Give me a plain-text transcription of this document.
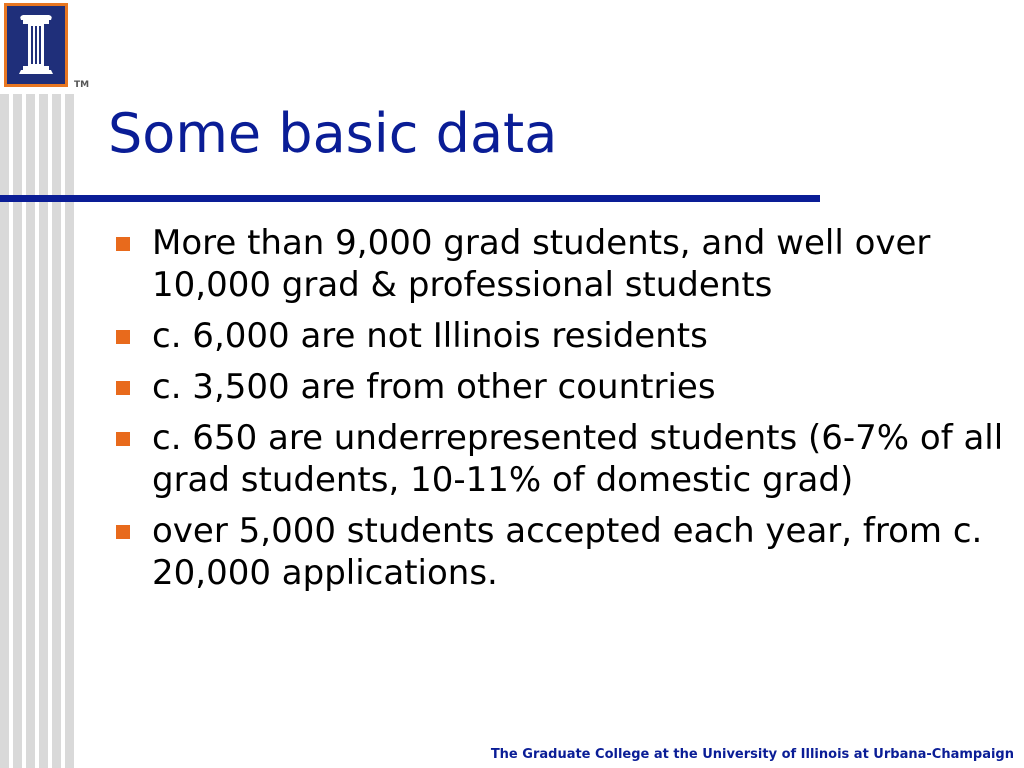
TM
Some basic data
More than 9,000 grad students, and well over 10,000 grad & professional students
c. 6,000 are not Illinois residents
c. 3,500 are from other countries
c. 650 are underrepresented students (6-7% of all grad students, 10-11% of domestic grad)
over 5,000 students accepted each year, from c. 20,000 applications.
The Graduate College at the University of Illinois at Urbana-Champaign
